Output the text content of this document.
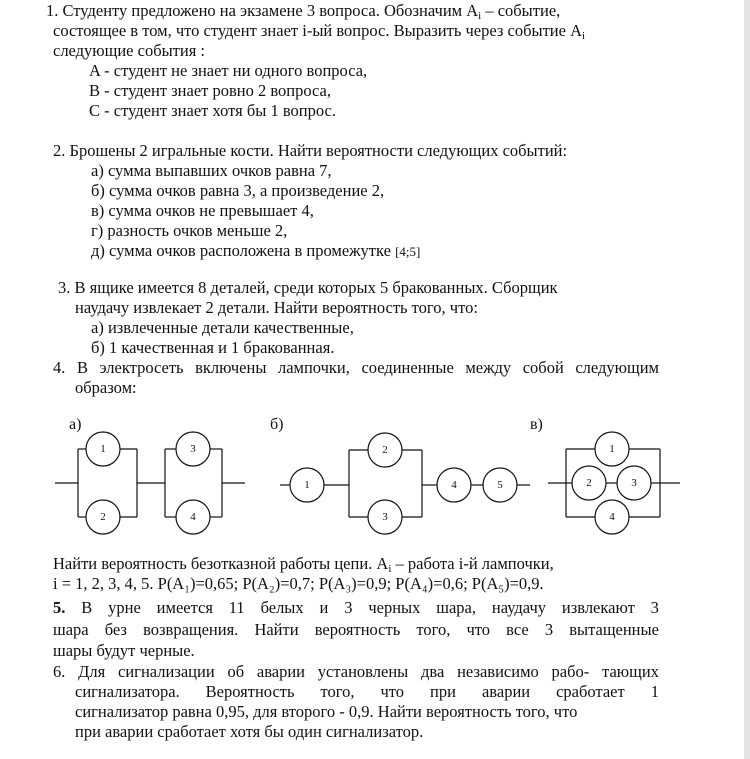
1. Студенту предложено на экзамене 3 вопроса. Обозначим $A_i$ – событие,
состоящее в том, что студент знает i-ый вопрос. Выразить через событие $A_i$
следующие события :
A - студент не знает ни одного вопроса,
B - студент знает ровно 2 вопроса,
C - студент знает хотя бы 1 вопрос.
2. Брошены 2 игральные кости. Найти вероятности следующих событий:
а) сумма выпавших очков равна 7,
б) сумма очков равна 3, а произведение 2,
в) сумма очков не превышает 4,
г) разность очков меньше 2,
д) сумма очков расположена в промежутке [4;5]
3. В ящике имеется 8 деталей, среди которых 5 бракованных. Сборщик
наудачу извлекает 2 детали. Найти вероятность того, что:
а) извлеченные детали качественные,
б) 1 качественная и 1 бракованная.
4. В электросеть включены лампочки, соединенные между собой следующим
образом:
а)
1
2
3
4
б)
1
2
3
4	5
в)
1
2	3
4
Найти вероятность безотказной работы цепи. $A_i$ – работа i-й лампочки,
i = 1, 2, 3, 4, 5. P(A₁)=0,65; P(A₂)=0,7; P(A₃)=0,9; P(A₄)=0,6; P(A₅)=0,9.
5. В урне имеется 11 белых и 3 черных шара, наудачу извлекают 3
шара без возвращения. Найти вероятность того, что все 3 вытащенные
шары будут черные.
6. Для сигнализации об аварии установлены два независимо рабо- тающих
сигнализатора. Вероятность того, что при аварии сработает 1
сигнализатор равна 0,95, для второго - 0,9. Найти вероятность того, что
при аварии сработает хотя бы один сигнализатор.
